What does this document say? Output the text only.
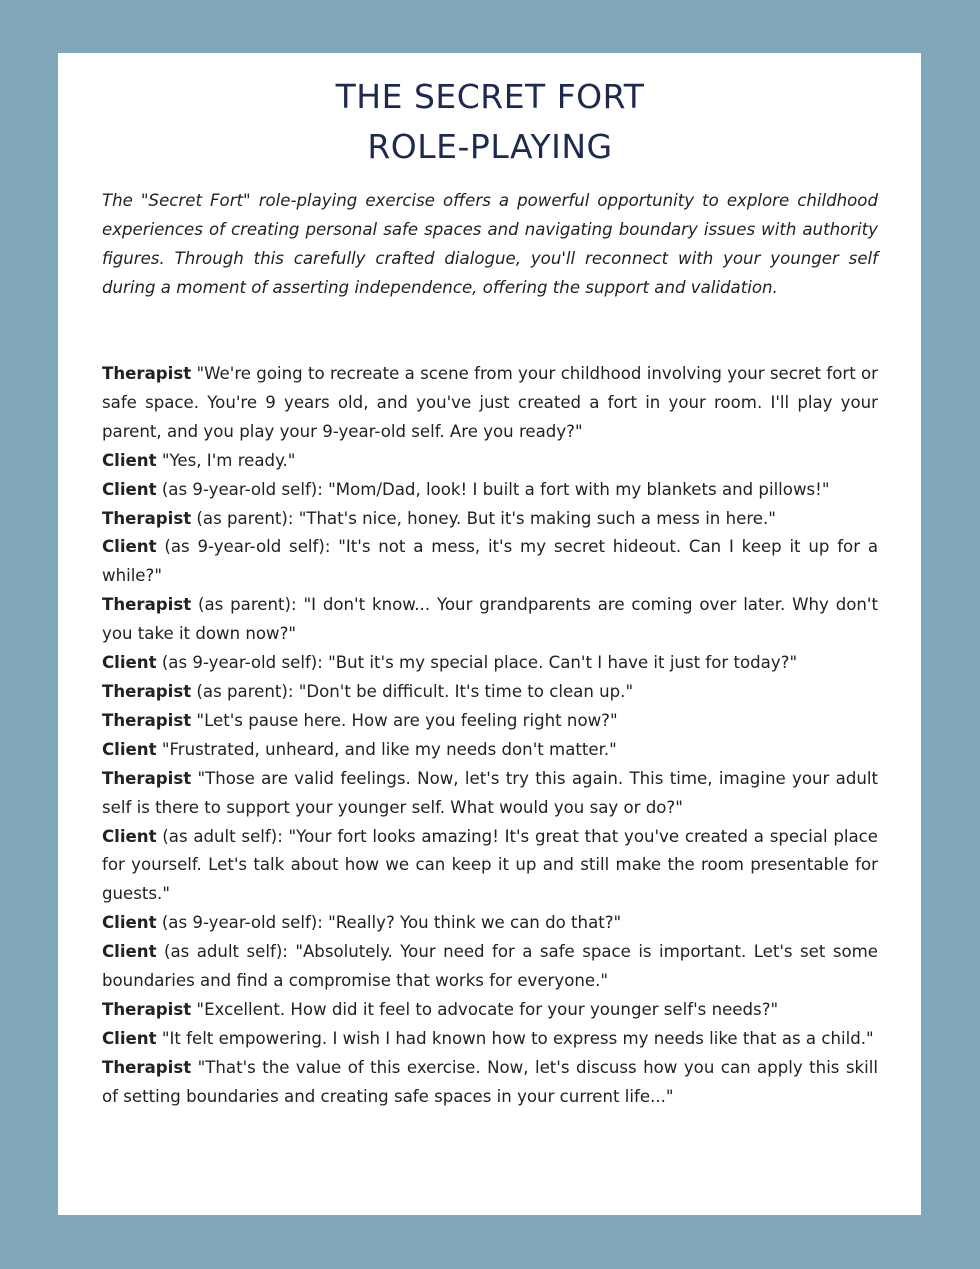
THE SECRET FORT
ROLE-PLAYING

The "Secret Fort" role-playing exercise offers a powerful opportunity to explore childhood experiences of creating personal safe spaces and navigating boundary issues with authority figures. Through this carefully crafted dialogue, you'll reconnect with your younger self during a moment of asserting independence, offering the support and validation.

Therapist "We're going to recreate a scene from your childhood involving your secret fort or safe space. You're 9 years old, and you've just created a fort in your room. I'll play your parent, and you play your 9-year-old self. Are you ready?"
Client "Yes, I'm ready."
Client (as 9-year-old self): "Mom/Dad, look! I built a fort with my blankets and pillows!"
Therapist (as parent): "That's nice, honey. But it's making such a mess in here."
Client (as 9-year-old self): "It's not a mess, it's my secret hideout. Can I keep it up for a while?"
Therapist (as parent): "I don't know... Your grandparents are coming over later. Why don't you take it down now?"
Client (as 9-year-old self): "But it's my special place. Can't I have it just for today?"
Therapist (as parent): "Don't be difficult. It's time to clean up."
Therapist "Let's pause here. How are you feeling right now?"
Client "Frustrated, unheard, and like my needs don't matter."
Therapist "Those are valid feelings. Now, let's try this again. This time, imagine your adult self is there to support your younger self. What would you say or do?"
Client (as adult self): "Your fort looks amazing! It's great that you've created a special place for yourself. Let's talk about how we can keep it up and still make the room presentable for guests."
Client (as 9-year-old self): "Really? You think we can do that?"
Client (as adult self): "Absolutely. Your need for a safe space is important. Let's set some boundaries and find a compromise that works for everyone."
Therapist "Excellent. How did it feel to advocate for your younger self's needs?"
Client "It felt empowering. I wish I had known how to express my needs like that as a child."
Therapist "That's the value of this exercise. Now, let's discuss how you can apply this skill of setting boundaries and creating safe spaces in your current life..."
